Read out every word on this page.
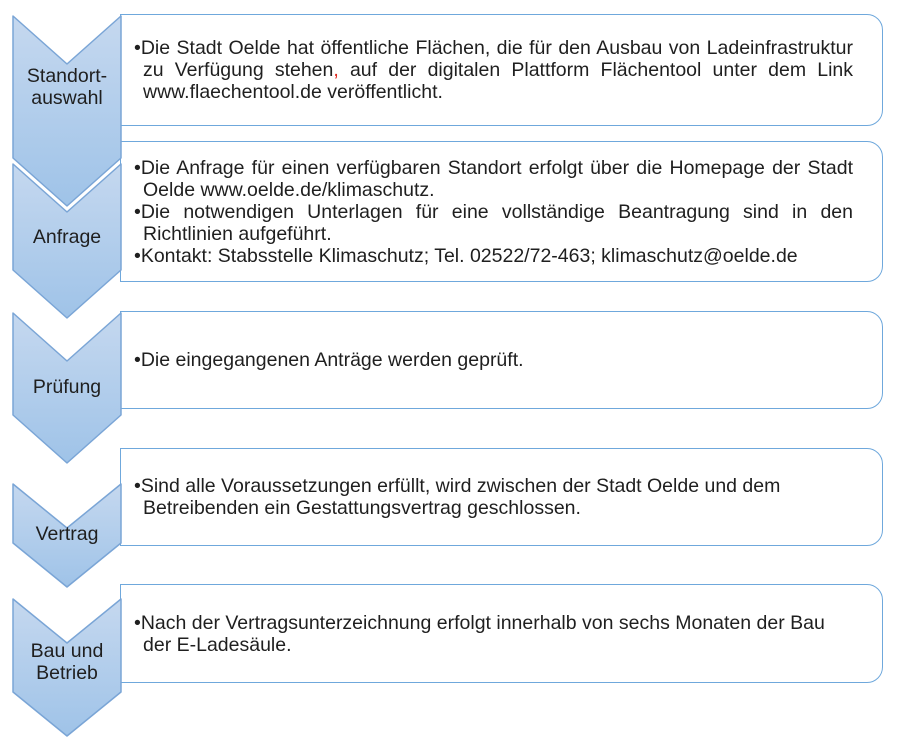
•Die Stadt Oelde hat öffentliche Flächen, die für den Ausbau von Ladeinfrastruktur zu Verfügung stehen, auf der digitalen Plattform Flächentool unter dem Link www.flaechentool.de veröffentlicht.

•Die Anfrage für einen verfügbaren Standort erfolgt über die Homepage der Stadt Oelde www.oelde.de/klimaschutz.

•Die notwendigen Unterlagen für eine vollständige Beantragung sind in den Richtlinien aufgeführt.

•Kontakt: Stabsstelle Klimaschutz; Tel. 02522/72-463; klimaschutz@oelde.de

•Die eingegangenen Anträge werden geprüft.

•Sind alle Voraussetzungen erfüllt, wird zwischen der Stadt Oelde und dem Betreibenden ein Gestattungsvertrag geschlossen.

•Nach der Vertragsunterzeichnung erfolgt innerhalb von sechs Monaten der Bau der E-Ladesäule.

Standort-auswahl
Anfrage
Prüfung
Vertrag
Bau und Betrieb
